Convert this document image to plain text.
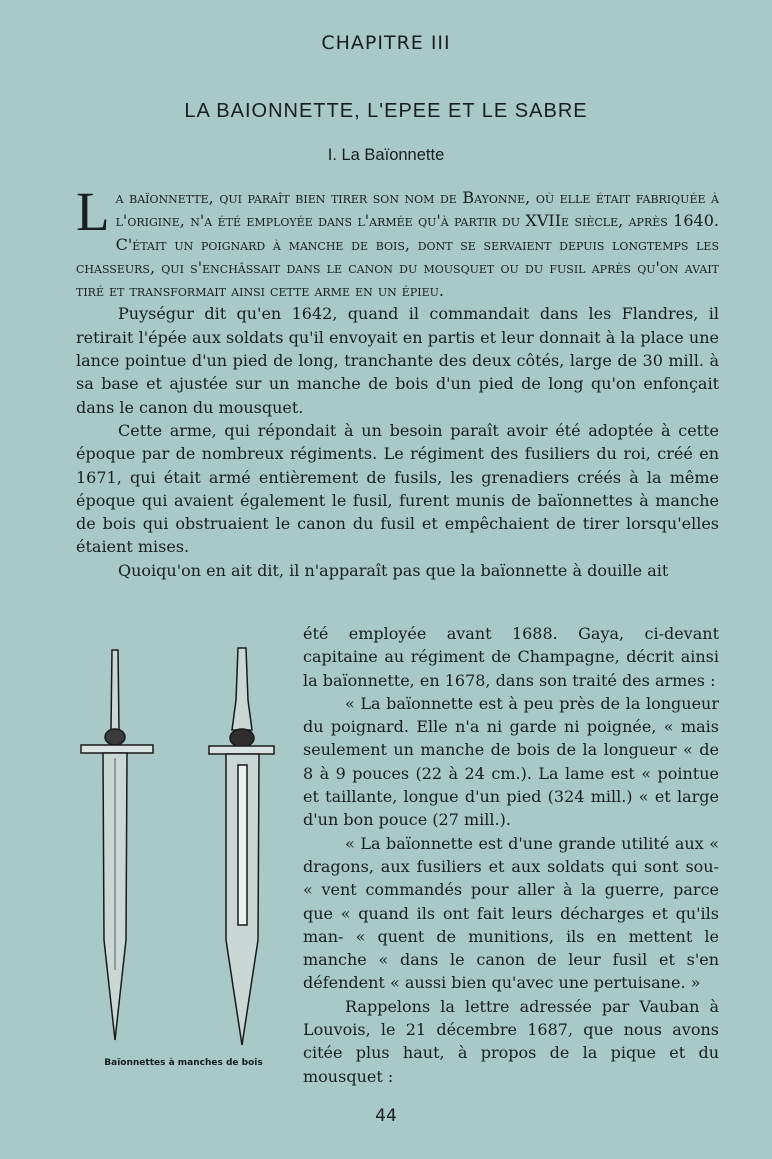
CHAPITRE III
LA BAIONNETTE, L'EPEE ET LE SABRE
I. La Baïonnette

La baïonnette, qui paraît bien tirer son nom de Bayonne, où elle était fabriquée à l'origine, n'a été employée dans l'armée qu'à partir du XVIIe siècle, après 1640. C'était un poignard à manche de bois, dont se servaient depuis longtemps les chasseurs, qui s'enchâssait dans le canon du mousquet ou du fusil après qu'on avait tiré et transformait ainsi cette arme en un épieu.

Puységur dit qu'en 1642, quand il commandait dans les Flandres, il retirait l'épée aux soldats qu'il envoyait en partis et leur donnait à la place une lance pointue d'un pied de long, tranchante des deux côtés, large de 30 mill. à sa base et ajustée sur un manche de bois d'un pied de long qu'on enfonçait dans le canon du mousquet.

Cette arme, qui répondait à un besoin paraît avoir été adoptée à cette époque par de nombreux régiments. Le régiment des fusiliers du roi, créé en 1671, qui était armé entièrement de fusils, les grenadiers créés à la même époque qui avaient également le fusil, furent munis de baïonnettes à manche de bois qui obstruaient le canon du fusil et empêchaient de tirer lorsqu'elles étaient mises.

Quoiqu'on en ait dit, il n'apparaît pas que la baïonnette à douille ait

Baïonnettes à manches de bois

été employée avant 1688. Gaya, ci-devant capitaine au régiment de Champagne, décrit ainsi la baïonnette, en 1678, dans son traité des armes :

« La baïonnette est à peu près de la longueur du poignard. Elle n'a ni garde ni poignée, « mais seulement un manche de bois de la longueur « de 8 à 9 pouces (22 à 24 cm.). La lame est « pointue et taillante, longue d'un pied (324 mill.) « et large d'un bon pouce (27 mill.).

« La baïonnette est d'une grande utilité aux « dragons, aux fusiliers et aux soldats qui sont sou- « vent commandés pour aller à la guerre, parce que « quand ils ont fait leurs décharges et qu'ils man- « quent de munitions, ils en mettent le manche « dans le canon de leur fusil et s'en défendent « aussi bien qu'avec une pertuisane. »

Rappelons la lettre adressée par Vauban à Louvois, le 21 décembre 1687, que nous avons citée plus haut, à propos de la pique et du mousquet :

44
